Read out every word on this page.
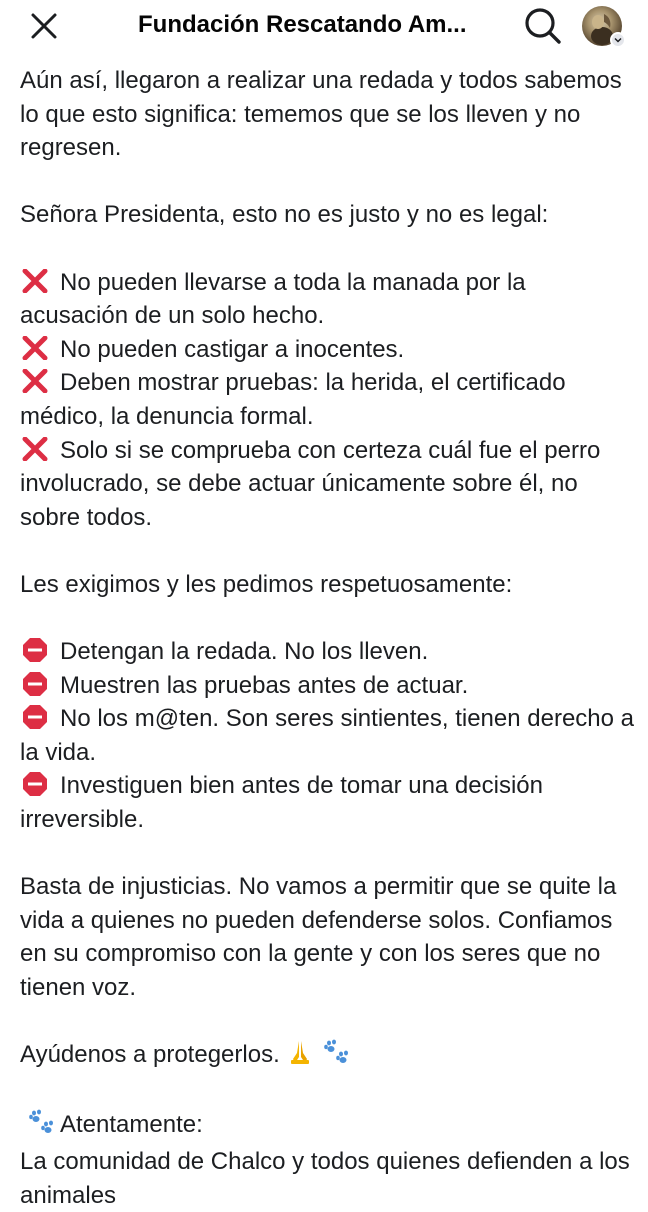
Fundación Rescatando Am...

Aún así, llegaron a realizar una redada y todos sabemos lo que esto significa: tememos que se los lleven y no regresen.

Señora Presidenta, esto no es justo y no es legal:

No pueden llevarse a toda la manada por la acusación de un solo hecho.
No pueden castigar a inocentes.
Deben mostrar pruebas: la herida, el certificado médico, la denuncia formal.
Solo si se comprueba con certeza cuál fue el perro involucrado, se debe actuar únicamente sobre él, no sobre todos.

Les exigimos y les pedimos respetuosamente:

Detengan la redada. No los lleven.
Muestren las pruebas antes de actuar.
No los m@ten. Son seres sintientes, tienen derecho a la vida.
Investiguen bien antes de tomar una decisión irreversible.

Basta de injusticias. No vamos a permitir que se quite la vida a quienes no pueden defenderse solos. Confiamos en su compromiso con la gente y con los seres que no tienen voz.

Ayúdenos a protegerlos.

Atentamente:
La comunidad de Chalco y todos quienes defienden a los animales
